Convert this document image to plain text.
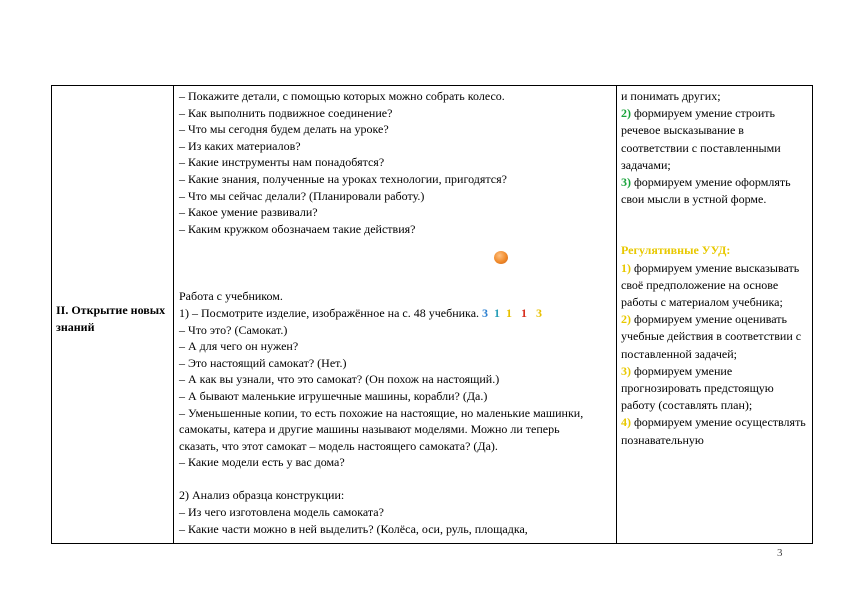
II. Открытие новых знаний
– Покажите детали, с помощью которых можно собрать колесо.
– Как выполнить подвижное соединение?
– Что мы сегодня будем делать на уроке?
– Из каких материалов?
– Какие инструменты нам понадобятся?
– Какие знания, полученные на уроках технологии, пригодятся?
– Что мы сейчас делали? (Планировали работу.)
– Какое умение развивали?
– Каким кружком обозначаем такие действия?
Работа с учебником.
1) – Посмотрите изделие, изображённое на с. 48 учебника. 3 1 1 1 3
– Что это? (Самокат.)
– А для чего он нужен?
– Это настоящий самокат? (Нет.)
– А как вы узнали, что это самокат? (Он похож на настоящий.)
– А бывают маленькие игрушечные машины, корабли? (Да.)
– Уменьшенные копии, то есть похожие на настоящие, но маленькие машинки, самокаты, катера и другие машины называют моделями. Можно ли теперь сказать, что этот самокат – модель настоящего самоката? (Да).
– Какие модели есть у вас дома?
2) Анализ образца конструкции:
– Из чего изготовлена модель самоката?
– Какие части можно в ней выделить? (Колёса, оси, руль, площадка,
и понимать других;
2) формируем умение строить речевое высказывание в соответствии с поставленными задачами;
3) формируем умение оформлять свои мысли в устной форме.
Регулятивные УУД:
1) формируем умение высказывать своё предположение на основе работы с материалом учебника;
2) формируем умение оценивать учебные действия в соответствии с поставленной задачей;
3) формируем умение прогнозировать предстоящую работу (составлять план);
4) формируем умение осуществлять познавательную
3
